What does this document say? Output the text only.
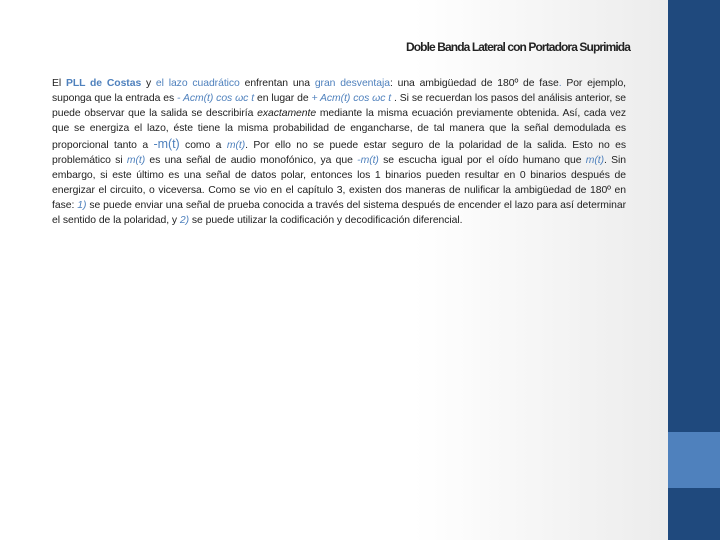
Doble Banda Lateral con Portadora Suprimida

El PLL de Costas y el lazo cuadrático enfrentan una gran desventaja: una ambigüedad de 180º de fase. Por ejemplo, suponga que la entrada es - Acm(t) cos ωc t en lugar de + Acm(t) cos ωc t . Si se recuerdan los pasos del análisis anterior, se puede observar que la salida se describiría exactamente mediante la misma ecuación previamente obtenida. Así, cada vez que se energiza el lazo, éste tiene la misma probabilidad de engancharse, de tal manera que la señal demodulada es proporcional tanto a -m(t) como a m(t). Por ello no se puede estar seguro de la polaridad de la salida. Esto no es problemático si m(t) es una señal de audio monofónico, ya que -m(t) se escucha igual por el oído humano que m(t). Sin embargo, si este último es una señal de datos polar, entonces los 1 binarios pueden resultar en 0 binarios después de energizar el circuito, o viceversa. Como se vio en el capítulo 3, existen dos maneras de nulificar la ambigüedad de 180º en fase: 1) se puede enviar una señal de prueba conocida a través del sistema después de encender el lazo para así determinar el sentido de la polaridad, y 2) se puede utilizar la codificación y decodificación diferencial.
